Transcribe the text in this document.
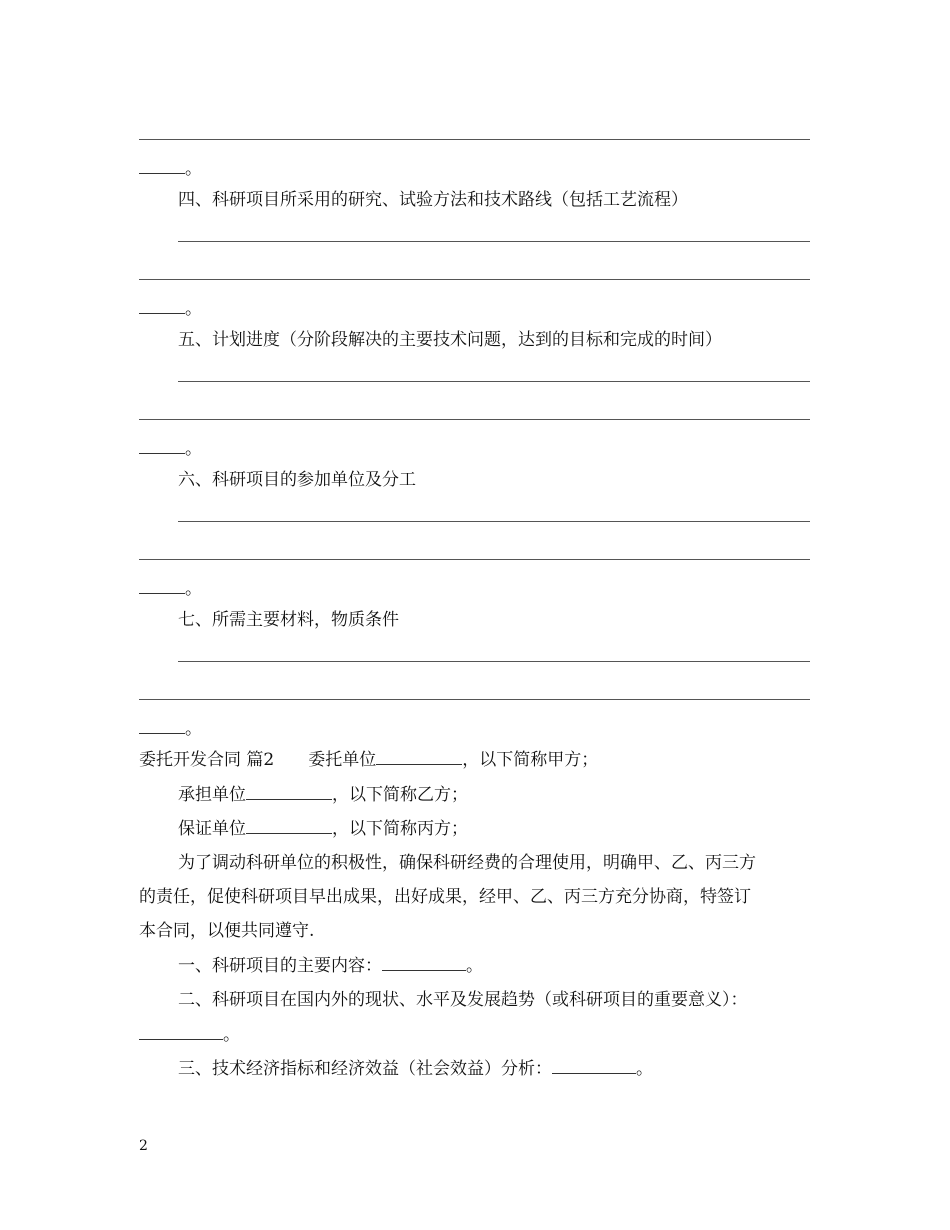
。
四、科研项目所采用的研究、试验方法和技术路线（包括工艺流程）
。
五、计划进度（分阶段解决的主要技术问题，达到的目标和完成的时间）
。
六、科研项目的参加单位及分工
。
七、所需主要材料，物质条件
。
委托开发合同 篇2 委托单位	，以下简称甲方；
承担单位	，以下简称乙方；
保证单位	，以下简称丙方；
为了调动科研单位的积极性，确保科研经费的合理使用，明确甲、乙、丙三方
的责任，促使科研项目早出成果，出好成果，经甲、乙、丙三方充分协商，特签订
本合同，以便共同遵守.
一、科研项目的主要内容：	。
二、科研项目在国内外的现状、水平及发展趋势（或科研项目的重要意义）：
。
三、技术经济指标和经济效益（社会效益）分析：	。
2
